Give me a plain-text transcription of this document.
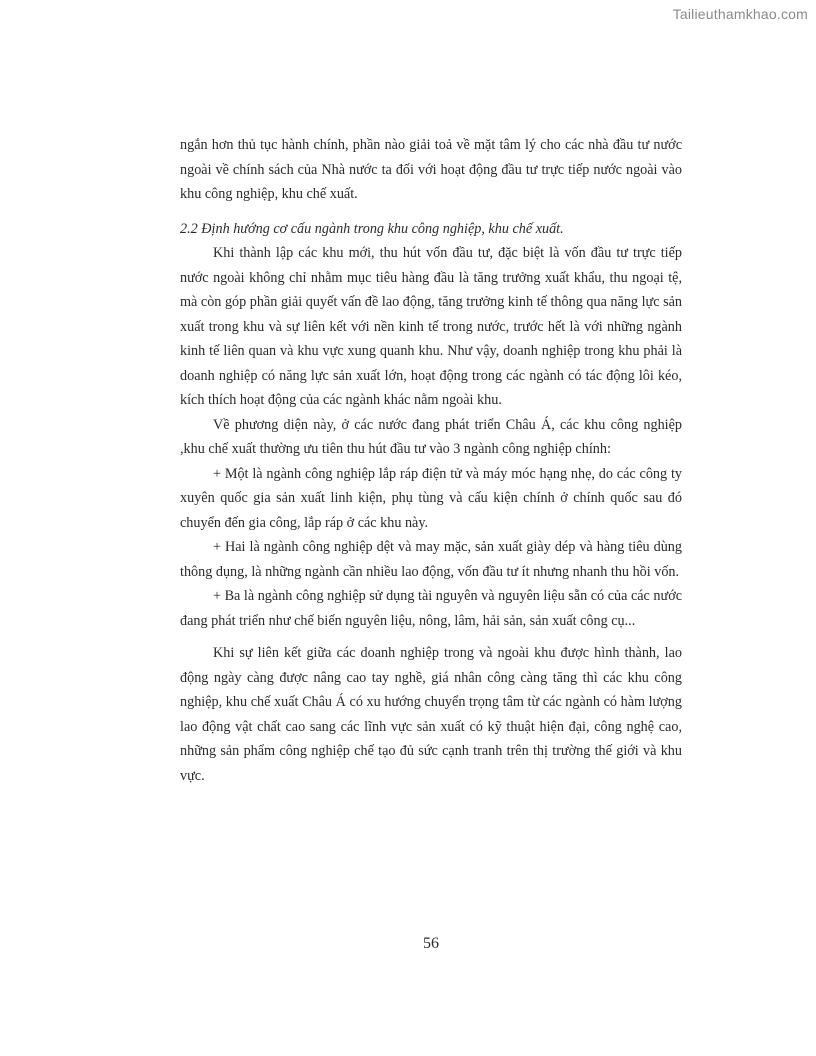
Tailieuthamkhao.com

ngắn hơn thủ tục hành chính, phần nào giải toả về mặt tâm lý cho các nhà đầu tư nước ngoài về chính sách của Nhà nước ta đối với hoạt động đầu tư trực tiếp nước ngoài vào khu công nghiệp, khu chế xuất.

2.2 Định hướng cơ cấu ngành trong khu công nghiệp, khu chế xuất.

Khi thành lập các khu mới, thu hút vốn đầu tư, đặc biệt là vốn đầu tư trực tiếp nước ngoài không chỉ nhằm mục tiêu hàng đầu là tăng trưởng xuất khẩu, thu ngoại tệ, mà còn góp phần giải quyết vấn đề lao động, tăng trưởng kinh tế thông qua năng lực sản xuất trong khu và sự liên kết với nền kinh tế trong nước, trước hết là với những ngành kinh tế liên quan và khu vực xung quanh khu. Như vậy, doanh nghiệp trong khu phải là doanh nghiệp có năng lực sản xuất lớn, hoạt động trong các ngành có tác động lôi kéo, kích thích hoạt động của các ngành khác nằm ngoài khu.

Về phương diện này, ở các nước đang phát triển Châu Á, các khu công nghiệp ,khu chế xuất thường ưu tiên thu hút đầu tư vào 3 ngành công nghiệp chính:

+ Một là ngành công nghiệp lắp ráp điện tử và máy móc hạng nhẹ, do các công ty xuyên quốc gia sản xuất linh kiện, phụ tùng và cấu kiện chính ở chính quốc sau đó chuyển đến gia công, lắp ráp ở các khu này.

+ Hai là ngành công nghiệp dệt và may mặc, sản xuất giày dép và hàng tiêu dùng thông dụng, là những ngành cần nhiều lao động, vốn đầu tư ít nhưng nhanh thu hồi vốn.

+ Ba là ngành công nghiệp sử dụng tài nguyên và nguyên liệu sẵn có của các nước đang phát triển như chế biến nguyên liệu, nông, lâm, hải sản, sản xuất công cụ...

Khi sự liên kết giữa các doanh nghiệp trong và ngoài khu được hình thành, lao động ngày càng được nâng cao tay nghề, giá nhân công càng tăng thì các khu công nghiệp, khu chế xuất Châu Á có xu hướng chuyển trọng tâm từ các ngành có hàm lượng lao động vật chất cao sang các lĩnh vực sản xuất có kỹ thuật hiện đại, công nghệ cao, những sản phẩm công nghiệp chế tạo đủ sức cạnh tranh trên thị trường thế giới và khu vực.

56
